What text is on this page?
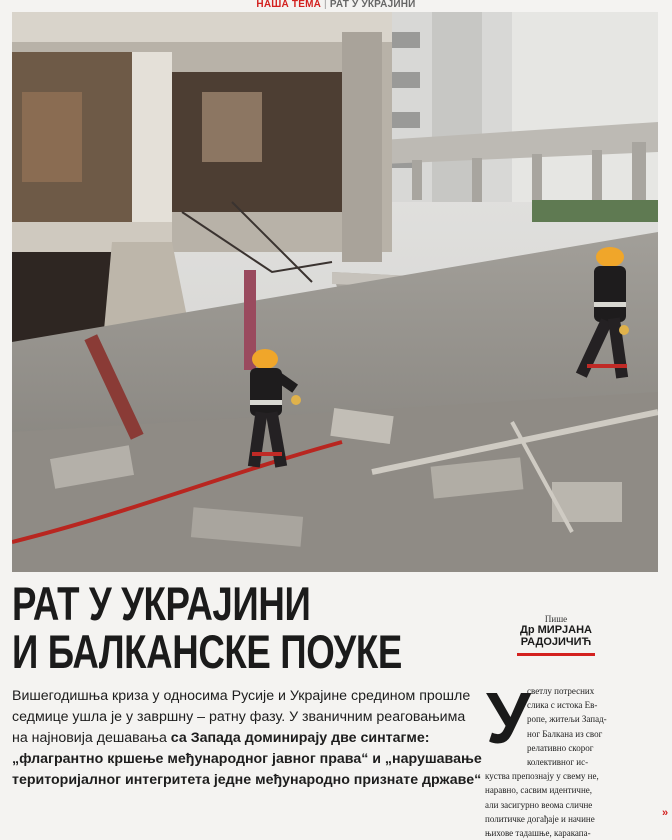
НАША ТЕМА | РАТ У УКРАЈИНИ
РАТ У УКРАЈИНИ
И БАЛКАНСКЕ ПОУКЕ
Пише
Др МИРЈАНА
РАДОЈИЧИЋ
Вишегодишња криза у односима Русије и Украјине средином прошле седмице ушла је у завршну – ратну фазу. У званичним реаговањима на најновија дешавања са Запада доминирају две синтагме: „флагрантно кршење међународног јавног права“ и „нарушавање територијалног интегритета једне међународно признате државе“
У
светлу потресних
слика с истока Ев-
ропе, житељи Запад-
ног Балкана из свог
релативно скорог
колективног ис-
куства препознају у свему не,
наравно, сасвим идентичне,
али засигурно веома сличне
политичке догађаје и начине
њихове тадашње, каракапа-
»
